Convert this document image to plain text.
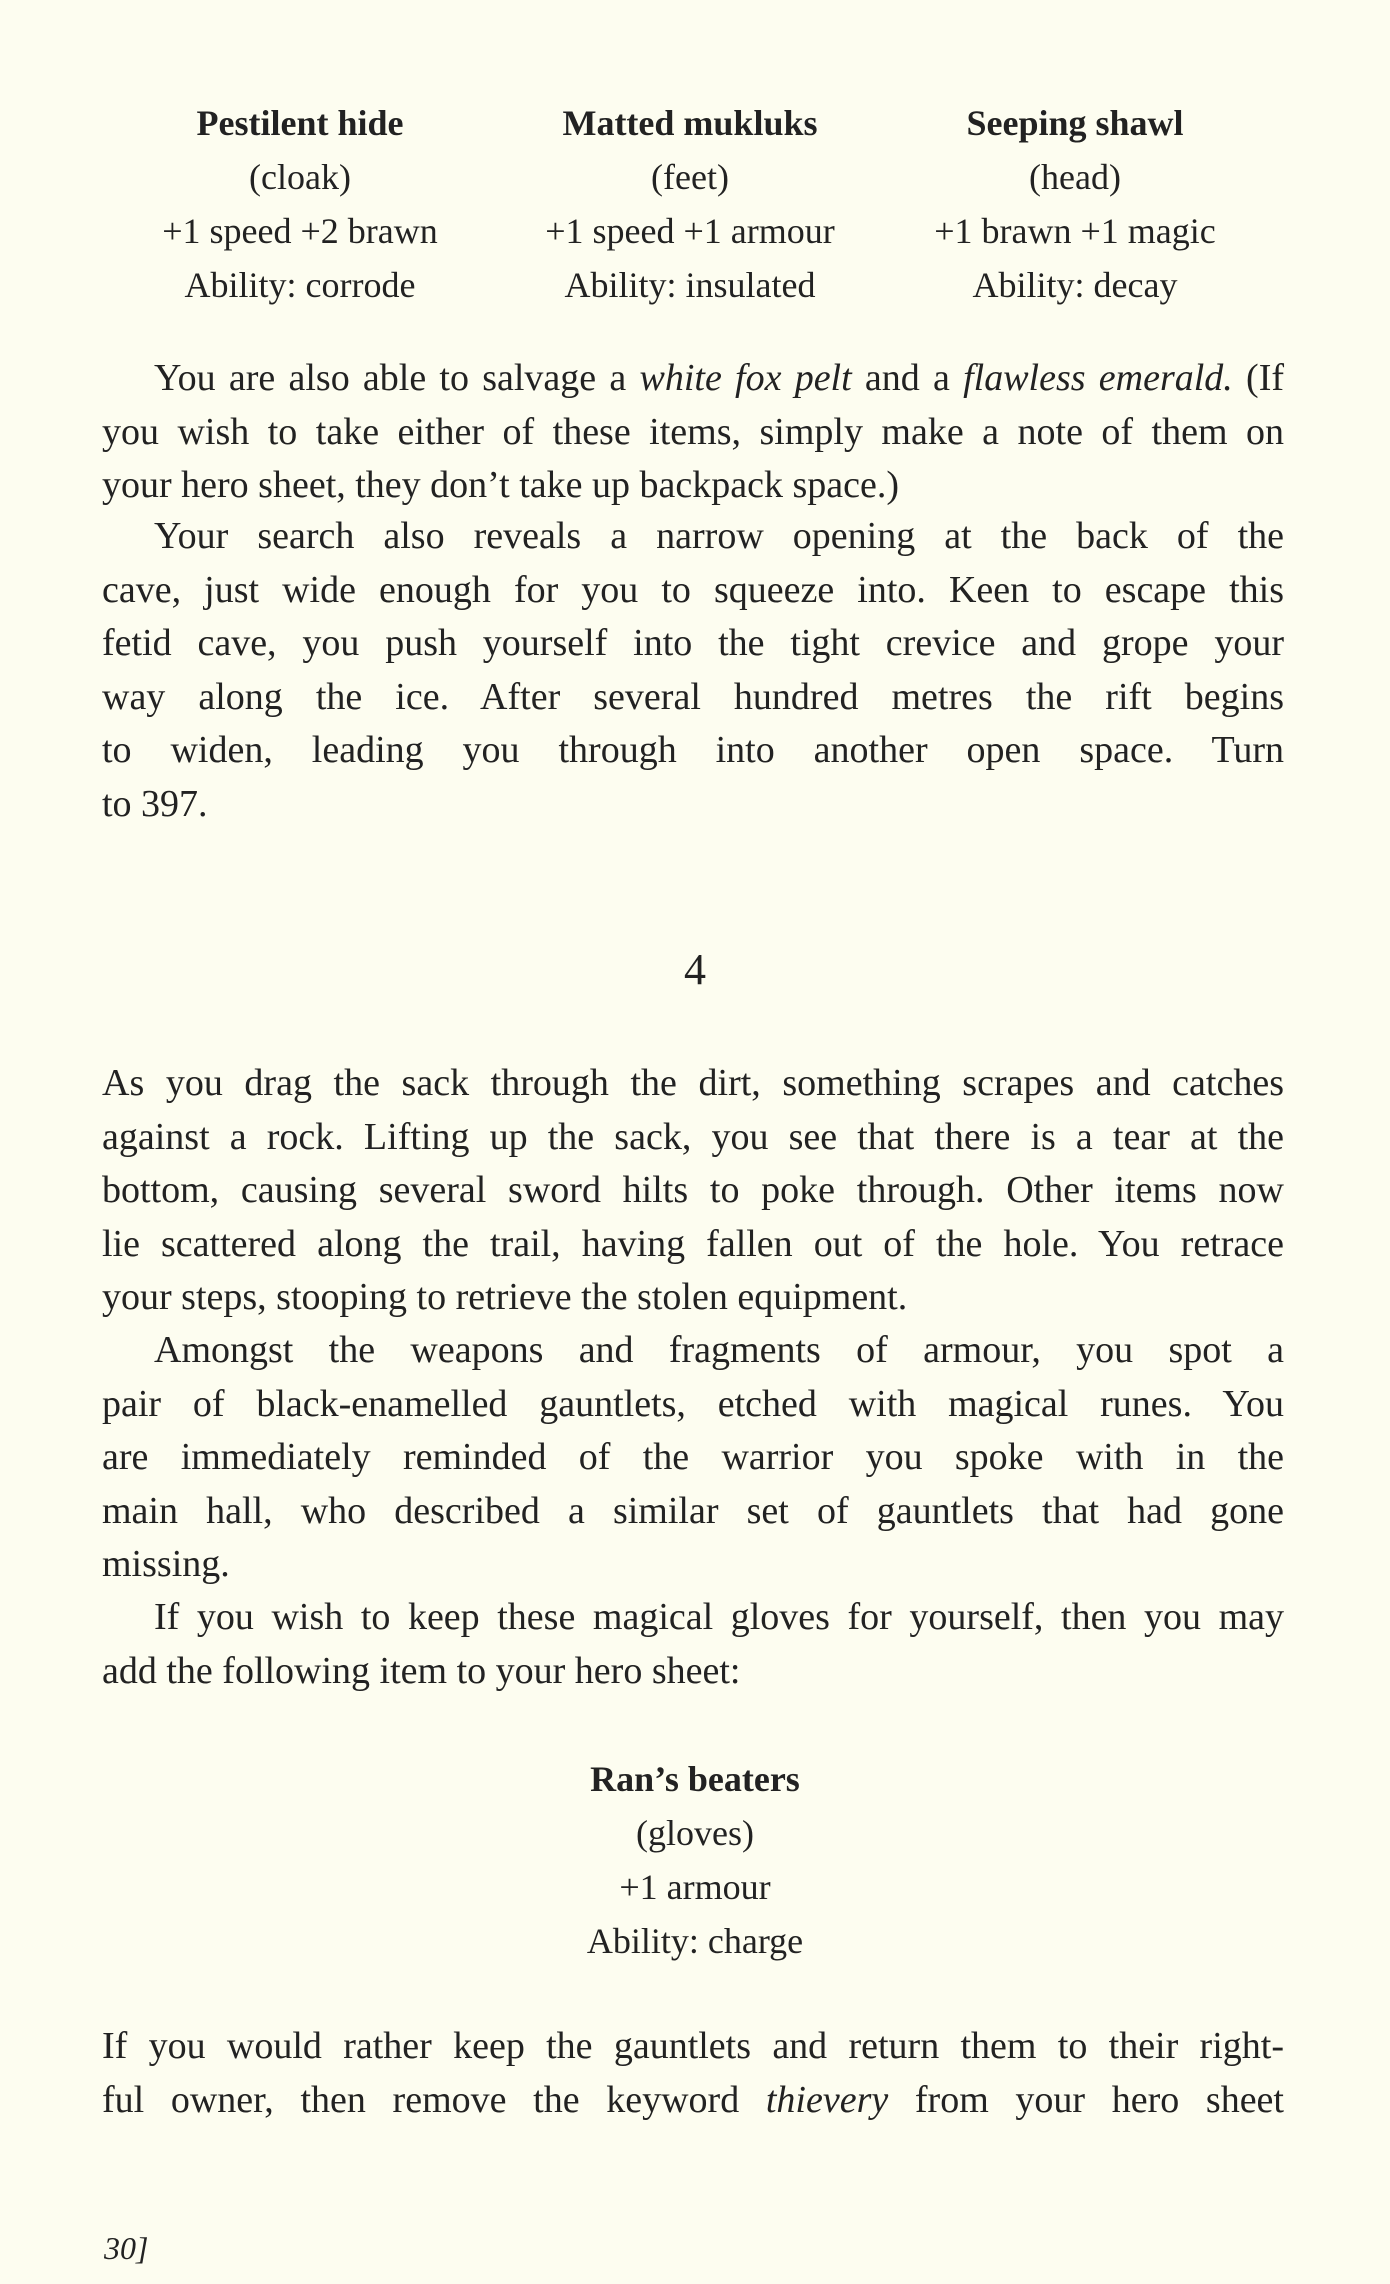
Pestilent hide
(cloak)
+1 speed +2 brawn
Ability: corrode
Matted mukluks
(feet)
+1 speed +1 armour
Ability: insulated
Seeping shawl
(head)
+1 brawn +1 magic
Ability: decay
You are also able to salvage a white fox pelt and a flawless emerald. (If
you wish to take either of these items, simply make a note of them on
your hero sheet, they don’t take up backpack space.)
Your search also reveals a narrow opening at the back of the
cave, just wide enough for you to squeeze into. Keen to escape this
fetid cave, you push yourself into the tight crevice and grope your
way along the ice. After several hundred metres the rift begins
to widen, leading you through into another open space. Turn
to 397.
4
As you drag the sack through the dirt, something scrapes and catches
against a rock. Lifting up the sack, you see that there is a tear at the
bottom, causing several sword hilts to poke through. Other items now
lie scattered along the trail, having fallen out of the hole. You retrace
your steps, stooping to retrieve the stolen equipment.
Amongst the weapons and fragments of armour, you spot a
pair of black-enamelled gauntlets, etched with magical runes. You
are immediately reminded of the warrior you spoke with in the
main hall, who described a similar set of gauntlets that had gone
missing.
If you wish to keep these magical gloves for yourself, then you may
add the following item to your hero sheet:
Ran’s beaters
(gloves)
+1 armour
Ability: charge
If you would rather keep the gauntlets and return them to their right-
ful owner, then remove the keyword thievery from your hero sheet
30]
